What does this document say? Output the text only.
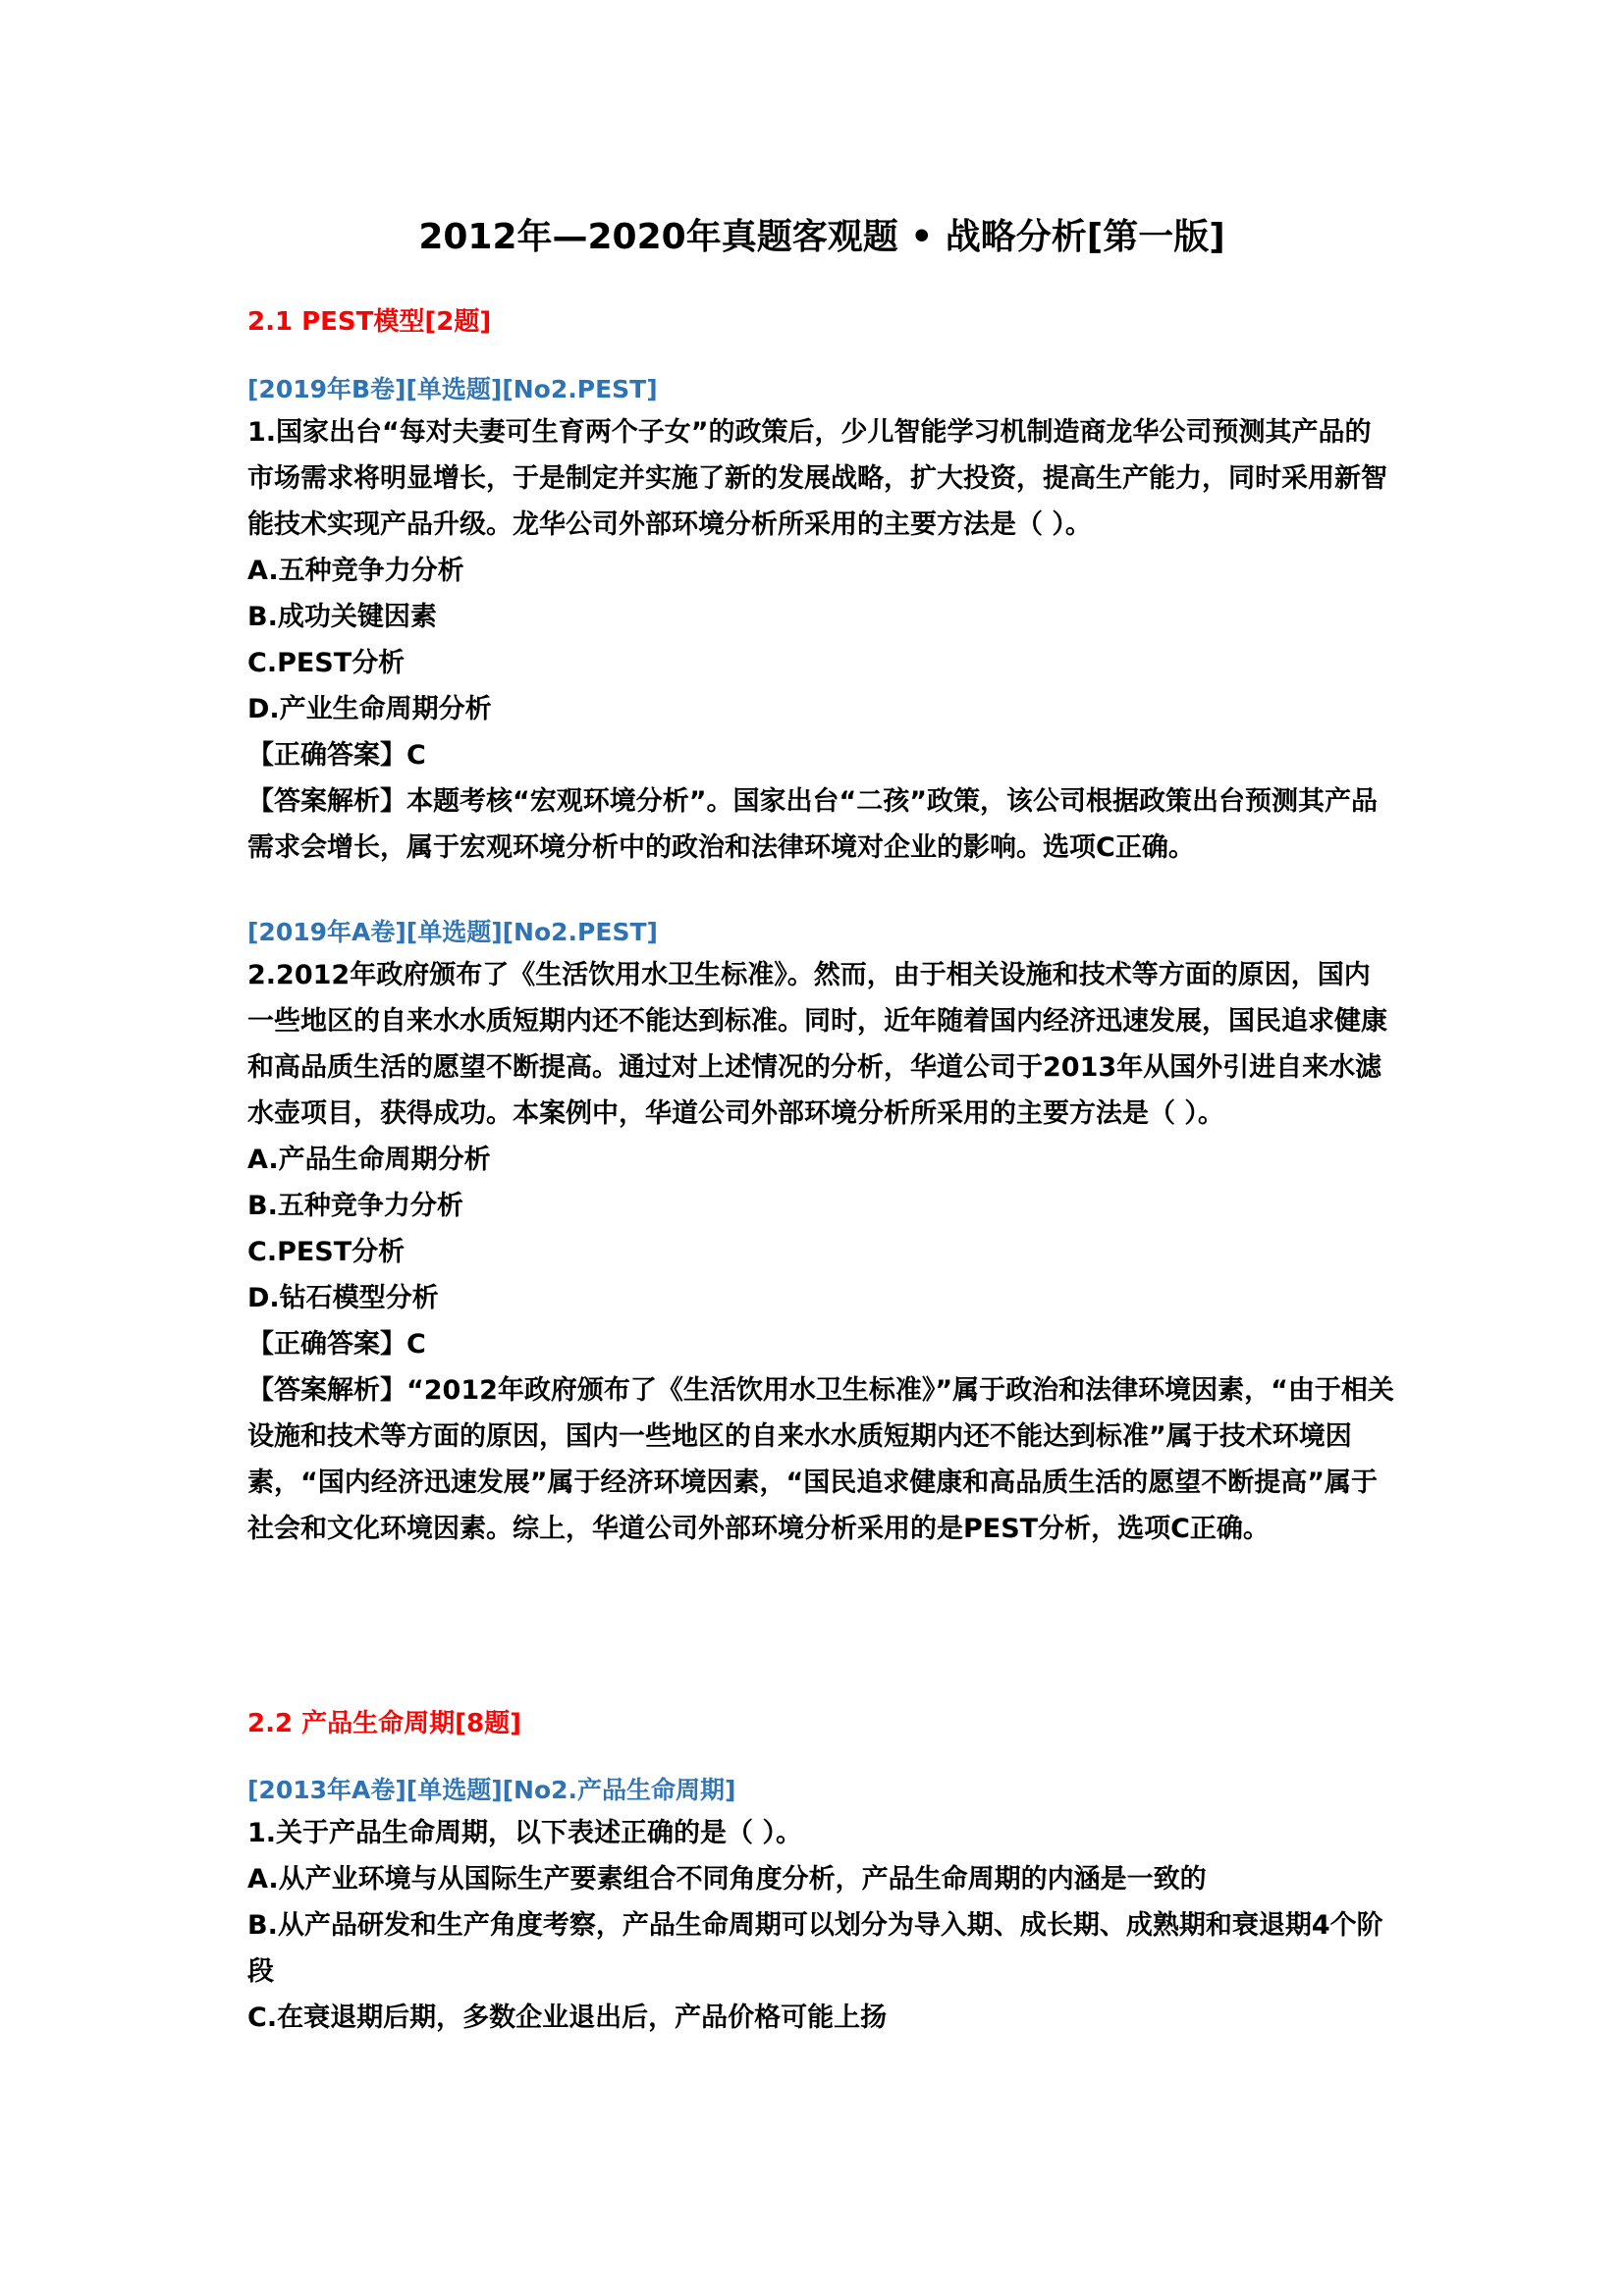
2012年—2020年真题客观题 • 战略分析[第一版]
2.1 PEST模型[2题]
[2019年B卷][单选题][No2.PEST]
1.国家出台“每对夫妻可生育两个子女”的政策后，少儿智能学习机制造商龙华公司预测其产品的市场需求将明显增长，于是制定并实施了新的发展战略，扩大投资，提高生产能力，同时采用新智能技术实现产品升级。龙华公司外部环境分析所采用的主要方法是（ ）。
A.五种竞争力分析
B.成功关键因素
C.PEST分析
D.产业生命周期分析
【正确答案】C
【答案解析】本题考核“宏观环境分析”。国家出台“二孩”政策，该公司根据政策出台预测其产品需求会增长，属于宏观环境分析中的政治和法律环境对企业的影响。选项C正确。
[2019年A卷][单选题][No2.PEST]
2.2012年政府颁布了《生活饮用水卫生标准》。然而，由于相关设施和技术等方面的原因，国内一些地区的自来水水质短期内还不能达到标准。同时，近年随着国内经济迅速发展，国民追求健康和高品质生活的愿望不断提高。通过对上述情况的分析，华道公司于2013年从国外引进自来水滤水壶项目，获得成功。本案例中，华道公司外部环境分析所采用的主要方法是（ ）。
A.产品生命周期分析
B.五种竞争力分析
C.PEST分析
D.钻石模型分析
【正确答案】C
【答案解析】“2012年政府颁布了《生活饮用水卫生标准》”属于政治和法律环境因素，“由于相关设施和技术等方面的原因，国内一些地区的自来水水质短期内还不能达到标准”属于技术环境因素，“国内经济迅速发展”属于经济环境因素，“国民追求健康和高品质生活的愿望不断提高”属于社会和文化环境因素。综上，华道公司外部环境分析采用的是PEST分析，选项C正确。
2.2 产品生命周期[8题]
[2013年A卷][单选题][No2.产品生命周期]
1.关于产品生命周期，以下表述正确的是（ ）。
A.从产业环境与从国际生产要素组合不同角度分析，产品生命周期的内涵是一致的
B.从产品研发和生产角度考察，产品生命周期可以划分为导入期、成长期、成熟期和衰退期4个阶段
C.在衰退期后期，多数企业退出后，产品价格可能上扬
